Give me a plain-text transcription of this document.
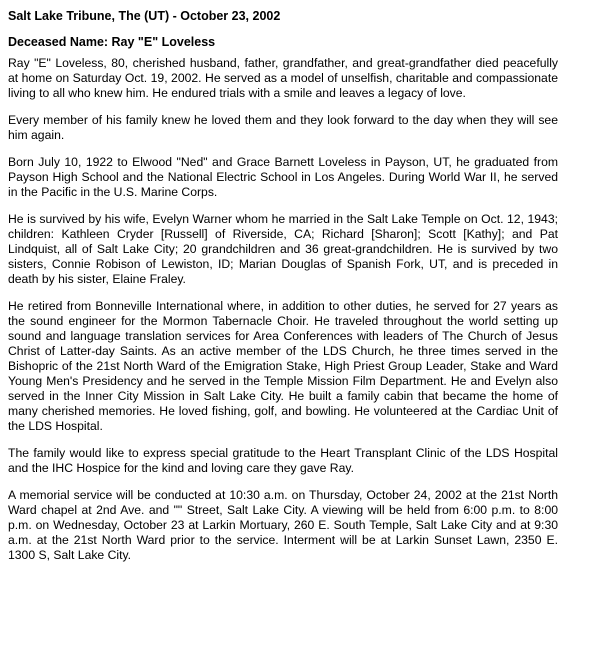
Salt Lake Tribune, The (UT) - October 23, 2002
Deceased Name: Ray "E" Loveless

Ray "E" Loveless, 80, cherished husband, father, grandfather, and great-grandfather died peacefully at home on Saturday Oct. 19, 2002. He served as a model of unselfish, charitable and compassionate living to all who knew him. He endured trials with a smile and leaves a legacy of love.

Every member of his family knew he loved them and they look forward to the day when they will see him again.

Born July 10, 1922 to Elwood "Ned" and Grace Barnett Loveless in Payson, UT, he graduated from Payson High School and the National Electric School in Los Angeles. During World War II, he served in the Pacific in the U.S. Marine Corps.

He is survived by his wife, Evelyn Warner whom he married in the Salt Lake Temple on Oct. 12, 1943; children: Kathleen Cryder [Russell] of Riverside, CA; Richard [Sharon]; Scott [Kathy]; and Pat Lindquist, all of Salt Lake City; 20 grandchildren and 36 great-grandchildren. He is survived by two sisters, Connie Robison of Lewiston, ID; Marian Douglas of Spanish Fork, UT, and is preceded in death by his sister, Elaine Fraley.

He retired from Bonneville International where, in addition to other duties, he served for 27 years as the sound engineer for the Mormon Tabernacle Choir. He traveled throughout the world setting up sound and language translation services for Area Conferences with leaders of The Church of Jesus Christ of Latter-day Saints. As an active member of the LDS Church, he three times served in the Bishopric of the 21st North Ward of the Emigration Stake, High Priest Group Leader, Stake and Ward Young Men's Presidency and he served in the Temple Mission Film Department. He and Evelyn also served in the Inner City Mission in Salt Lake City. He built a family cabin that became the home of many cherished memories. He loved fishing, golf, and bowling. He volunteered at the Cardiac Unit of the LDS Hospital.

The family would like to express special gratitude to the Heart Transplant Clinic of the LDS Hospital and the IHC Hospice for the kind and loving care they gave Ray.

A memorial service will be conducted at 10:30 a.m. on Thursday, October 24, 2002 at the 21st North Ward chapel at 2nd Ave. and "" Street, Salt Lake City. A viewing will be held from 6:00 p.m. to 8:00 p.m. on Wednesday, October 23 at Larkin Mortuary, 260 E. South Temple, Salt Lake City and at 9:30 a.m. at the 21st North Ward prior to the service. Interment will be at Larkin Sunset Lawn, 2350 E. 1300 S, Salt Lake City.
